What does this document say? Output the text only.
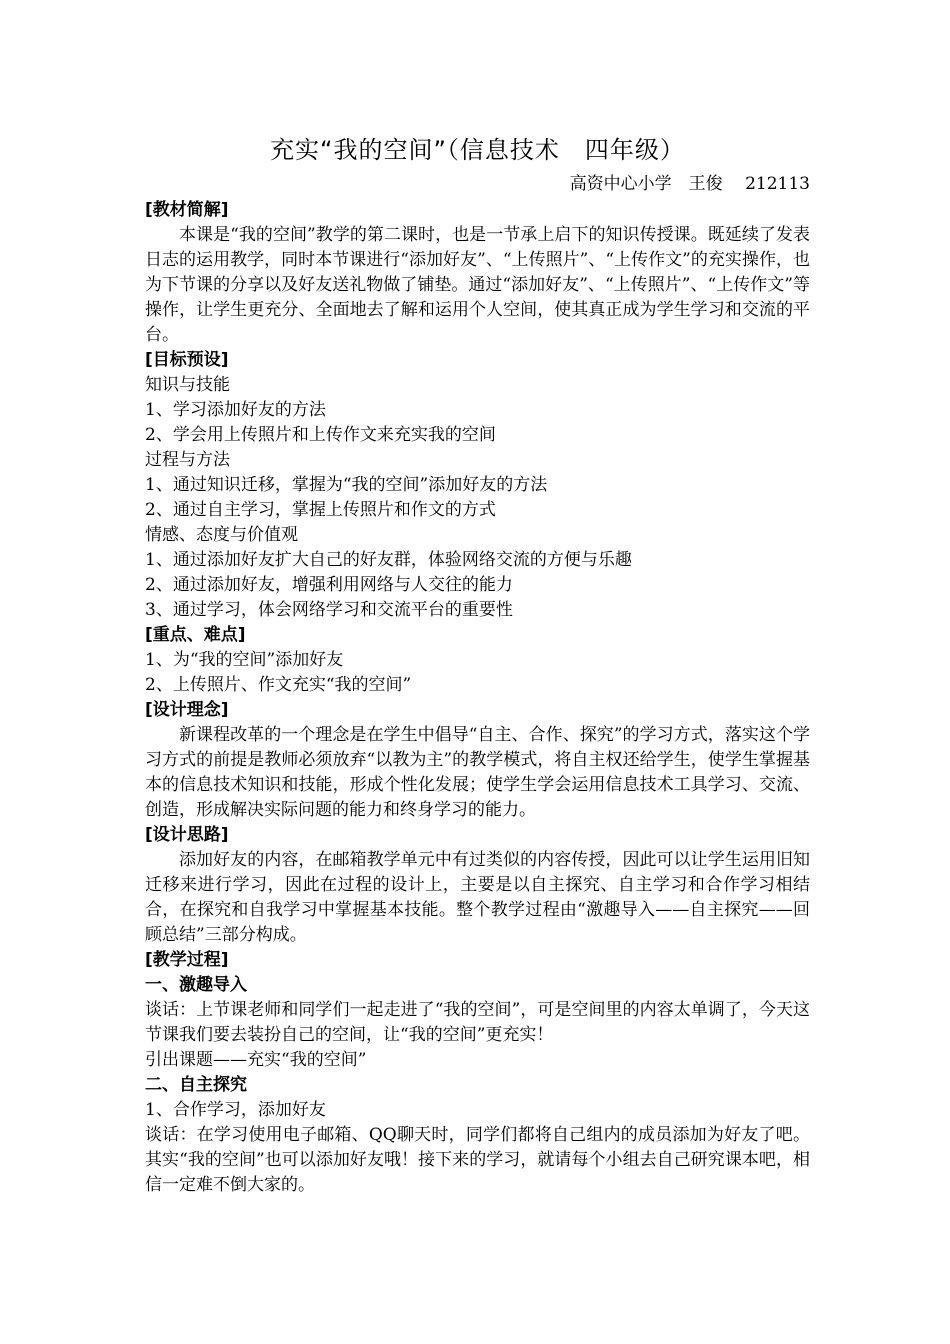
充实“我的空间”（信息技术　四年级）

高资中心小学　王俊　 212113

[教材简解]

本课是“我的空间”教学的第二课时，也是一节承上启下的知识传授课。既延续了发表日志的运用教学，同时本节课进行“添加好友”、“上传照片”、“上传作文”的充实操作，也为下节课的分享以及好友送礼物做了铺垫。通过“添加好友”、“上传照片”、“上传作文”等操作，让学生更充分、全面地去了解和运用个人空间，使其真正成为学生学习和交流的平台。

[目标预设]

知识与技能

1、学习添加好友的方法

2、学会用上传照片和上传作文来充实我的空间

过程与方法

1、通过知识迁移，掌握为“我的空间”添加好友的方法

2、通过自主学习，掌握上传照片和作文的方式

情感、态度与价值观

1、通过添加好友扩大自己的好友群，体验网络交流的方便与乐趣

2、通过添加好友，增强利用网络与人交往的能力

3、通过学习，体会网络学习和交流平台的重要性

[重点、难点]

1、为“我的空间”添加好友

2、上传照片、作文充实“我的空间”

[设计理念]

新课程改革的一个理念是在学生中倡导“自主、合作、探究”的学习方式，落实这个学习方式的前提是教师必须放弃“以教为主”的教学模式，将自主权还给学生，使学生掌握基本的信息技术知识和技能，形成个性化发展；使学生学会运用信息技术工具学习、交流、创造，形成解决实际问题的能力和终身学习的能力。

[设计思路]

添加好友的内容，在邮箱教学单元中有过类似的内容传授，因此可以让学生运用旧知迁移来进行学习，因此在过程的设计上，主要是以自主探究、自主学习和合作学习相结合，在探究和自我学习中掌握基本技能。整个教学过程由“激趣导入——自主探究——回顾总结”三部分构成。

[教学过程]

一、激趣导入

谈话：上节课老师和同学们一起走进了“我的空间”，可是空间里的内容太单调了，今天这节课我们要去装扮自己的空间，让“我的空间”更充实！

引出课题——充实“我的空间”

二、自主探究

1、合作学习，添加好友

谈话：在学习使用电子邮箱、QQ聊天时，同学们都将自己组内的成员添加为好友了吧。其实“我的空间”也可以添加好友哦！接下来的学习，就请每个小组去自己研究课本吧，相信一定难不倒大家的。
